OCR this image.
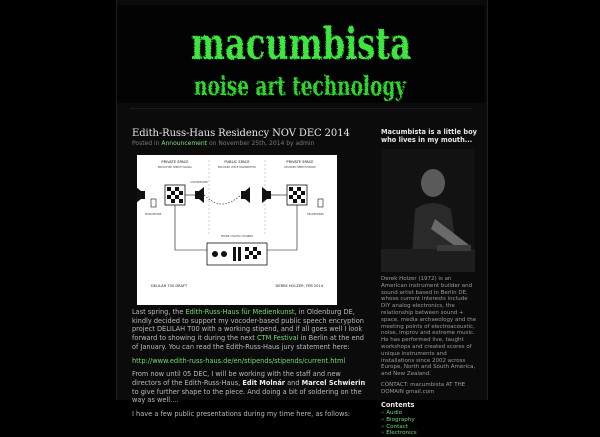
macumbista
noise art technology
Edith-Russ-Haus Residency NOV DEC 2014
Posted in Announcement on November 25th, 2014 by admin
PRIVATE SPACE
ENCRYPTED SPEECH SIGNAL
PUBLIC SPACE
ENCODED VOICE TRANSMITTED
PRIVATE SPACE
DECODED SPEECH HEARD
LOUDSPEAKER
MICROPHONE	HEADPHONES
PHONE / DIGITAL CHANNEL
DELILAH T00 DRAFT	DEREK HOLZER, FEB 2014

Last spring, the Edith-Russ-Haus für Medienkunst, in Oldenburg DE, kindly decided to support my vocoder-based public speech encryption project DELILAH T00 with a working stipend, and if all goes well I look forward to showing it during the next CTM Festival in Berlin at the end of January. You can read the Edith-Russ-Haus jury statement here:

http://www.edith-russ-haus.de/en/stipends/stipends/current.html

From now until 05 DEC, I will be working with the staff and new directors of the Edith-Russ-Haus, Edit Molnár and Marcel Schwierin to give further shape to the piece. And doing a bit of soldering on the way as well....

I have a few public presentations during my time here, as follows:

Macumbista is a little boy who lives in my mouth...

Derek Holzer (1972) is an American instrument builder and sound artist based in Berlin DE, whose current interests include DIY analog electronics, the relationship between sound + space, media archaeology and the meeting points of electroacoustic, noise, improv and extreme music. He has performed live, taught workshops and created scores of unique instruments and installations since 2002 across Europe, North and South America, and New Zealand.

CONTACT: macumbista AT THE DOMAIN gmail.com

Contents
» Audio
» Biography
» Contact
» Electronics
